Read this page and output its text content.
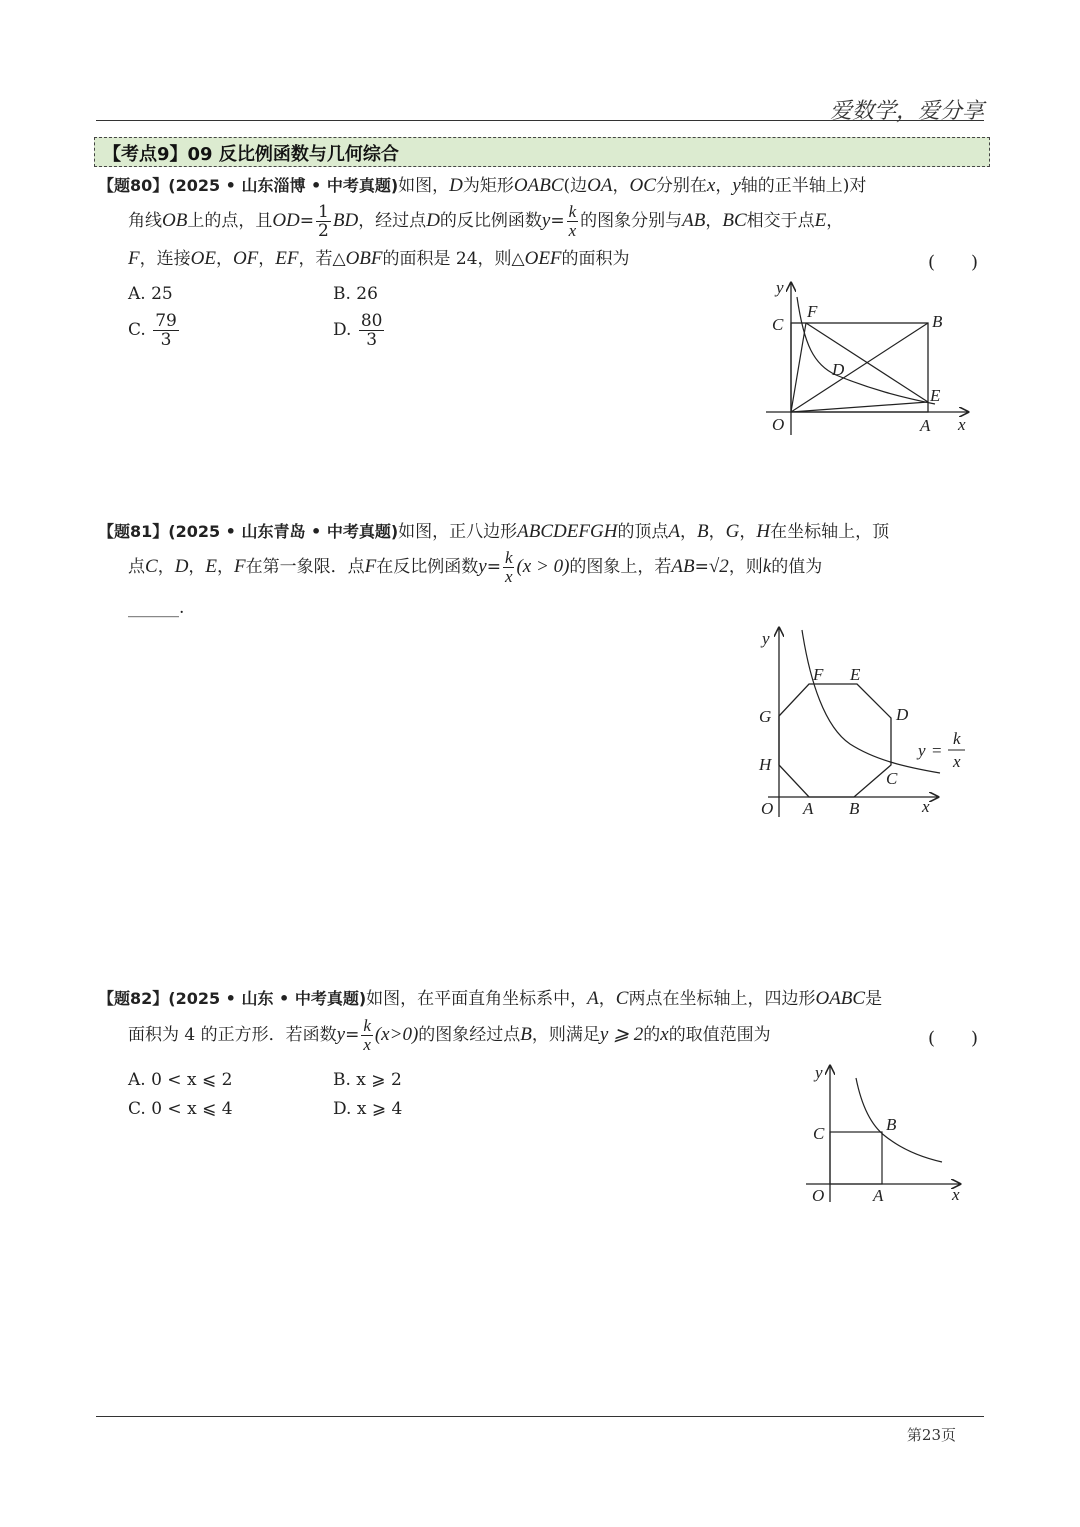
爱数学，爱分享
【考点9】09 反比例函数与几何综合
【题80】(2025 • 山东淄博 • 中考真题)如图，D为矩形OABC(边OA，OC分别在x，y轴的正半轴上)对
角线OB上的点，且$OD= \frac{1}{2}$ BD，经过点D的反比例函数$y= \frac{k}{x}$ 的图象分别与AB，BC相交于点E，
F，连接OE，OF，EF，若△OBF的面积是 24，则△OEF的面积为	(　　)
A. 25	B. 26
C. $\frac{79}{3}$	D. $\frac{80}{3}$
y
C
F
B
D
E
O	A x
【题81】(2025 • 山东青岛 • 中考真题)如图，正八边形ABCDEFGH的顶点A，B，G，H在坐标轴上，顶
点C，D，E，F在第一象限．点F在反比例函数$y= \frac{k}{x} (x > 0)$的图象上，若AB=√2，则k的值为
______.
y
F E
G	D
H
C
O A B	x
y =
k
x
【题82】(2025 • 山东 • 中考真题)如图，在平面直角坐标系中，A，C两点在坐标轴上，四边形OABC是
面积为 4 的正方形．若函数$y= \frac{k}{x} (x>0)$的图象经过点B，则满足y ⩾ 2的x的取值范围为	(　　)
A. 0 < x ⩽ 2	B. x ⩾ 2
C. 0 < x ⩽ 4	D. x ⩾ 4
y
C	B
O	A	x
第23页
